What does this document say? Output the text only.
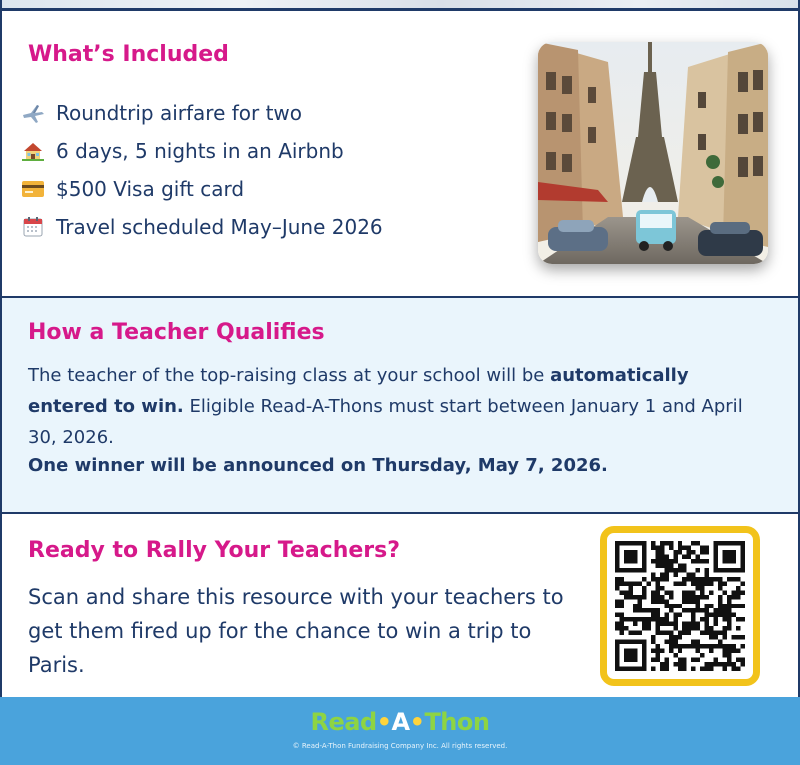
What’s Included
Roundtrip airfare for two
6 days, 5 nights in an Airbnb
$500 Visa gift card
Travel scheduled May–June 2026
How a Teacher Qualifies

The teacher of the top-raising class at your school will be automatically entered to win. Eligible Read-A-Thons must start between January 1 and April 30, 2026.

One winner will be announced on Thursday, May 7, 2026.

Ready to Rally Your Teachers?

Scan and share this resource with your teachers to get them fired up for the chance to win a trip to Paris.

Read•A•Thon
© Read-A-Thon Fundraising Company Inc. All rights reserved.
